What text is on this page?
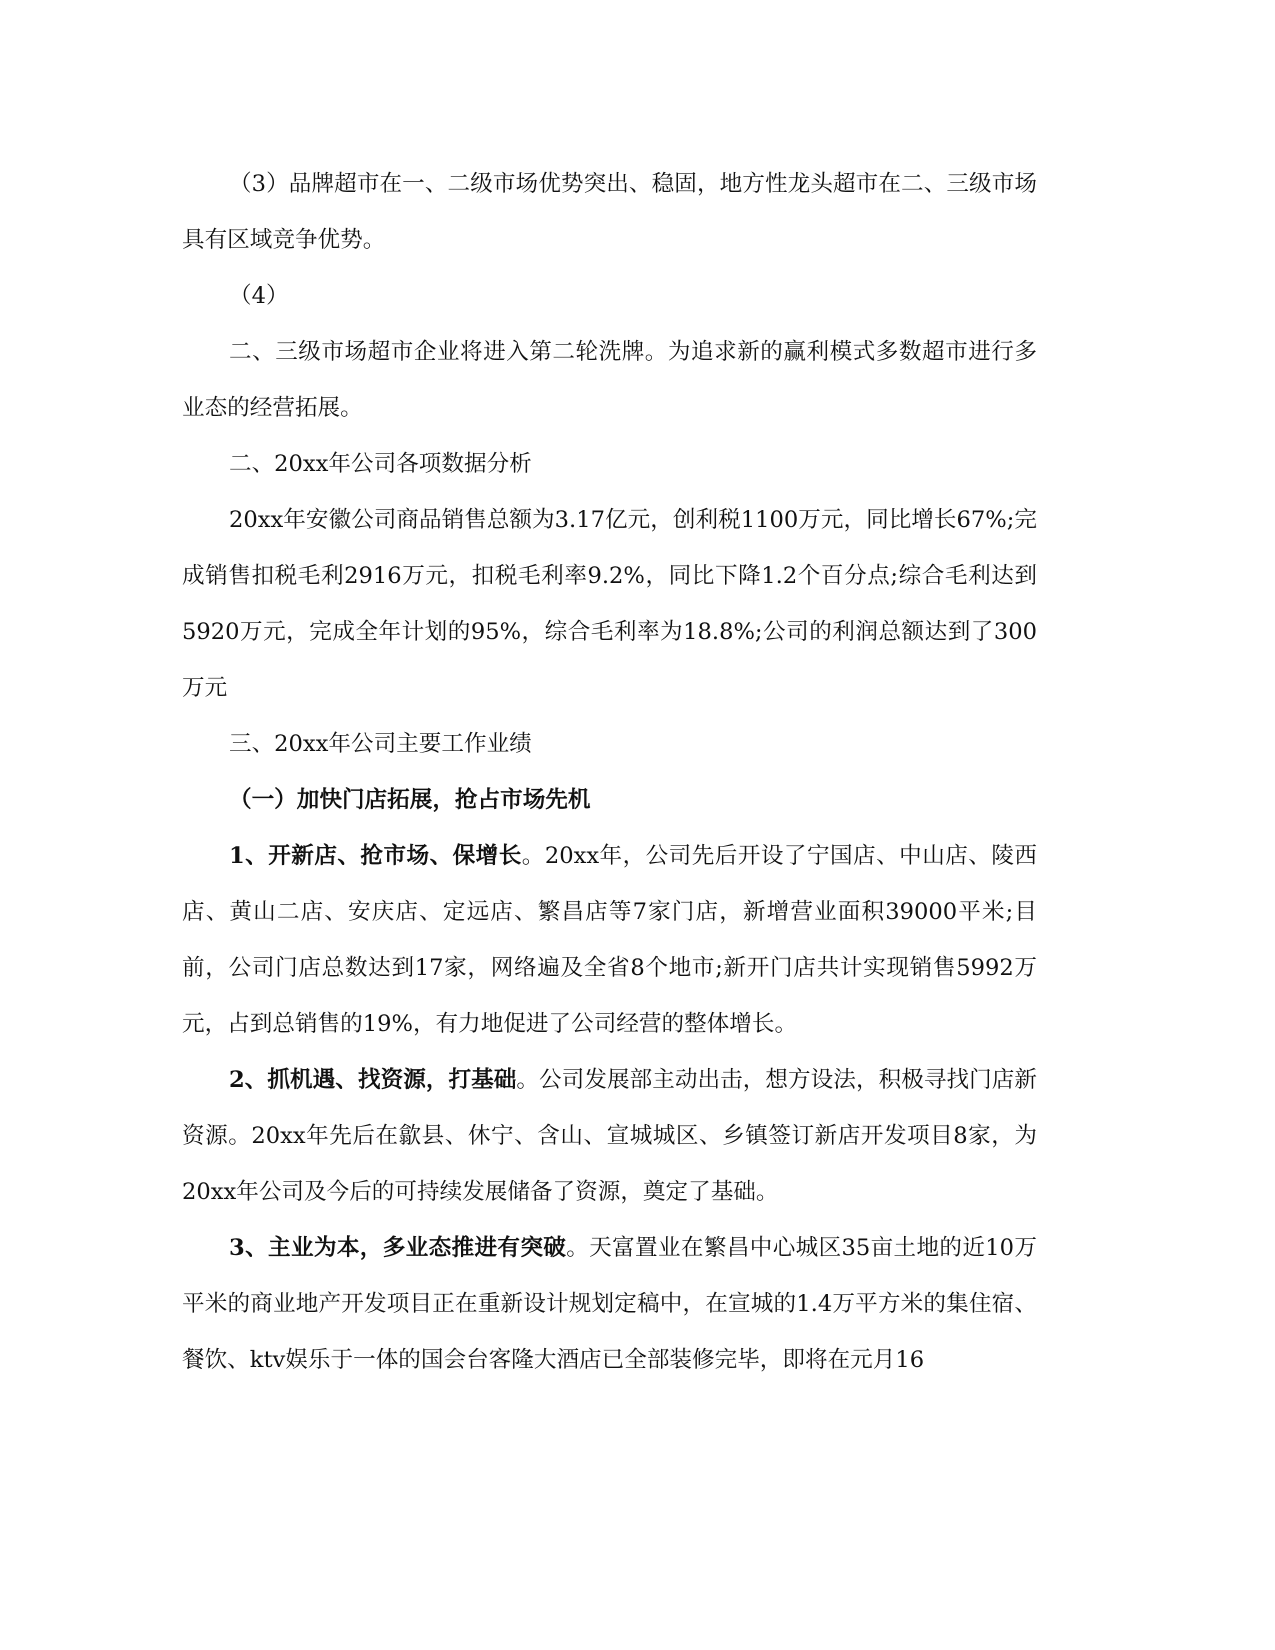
（3）品牌超市在一、二级市场优势突出、稳固，地方性龙头超市在二、三级市场具有区域竞争优势。

（4）

二、三级市场超市企业将进入第二轮洗牌。为追求新的赢利模式多数超市进行多业态的经营拓展。

二、20xx年公司各项数据分析

20xx年安徽公司商品销售总额为3.17亿元，创利税1100万元，同比增长67%;完成销售扣税毛利2916万元，扣税毛利率9.2%，同比下降1.2个百分点;综合毛利达到5920万元，完成全年计划的95%，综合毛利率为18.8%;公司的利润总额达到了300万元

三、20xx年公司主要工作业绩

（一）加快门店拓展，抢占市场先机

1、开新店、抢市场、保增长。20xx年，公司先后开设了宁国店、中山店、陵西店、黄山二店、安庆店、定远店、繁昌店等7家门店，新增营业面积39000平米;目前，公司门店总数达到17家，网络遍及全省8个地市;新开门店共计实现销售5992万元，占到总销售的19%，有力地促进了公司经营的整体增长。

2、抓机遇、找资源，打基础。公司发展部主动出击，想方设法，积极寻找门店新资源。20xx年先后在歙县、休宁、含山、宣城城区、乡镇签订新店开发项目8家，为20xx年公司及今后的可持续发展储备了资源，奠定了基础。

3、主业为本，多业态推进有突破。天富置业在繁昌中心城区35亩土地的近10万平米的商业地产开发项目正在重新设计规划定稿中，在宣城的1.4万平方米的集住宿、餐饮、ktv娱乐于一体的国会台客隆大酒店已全部装修完毕，即将在元月16
